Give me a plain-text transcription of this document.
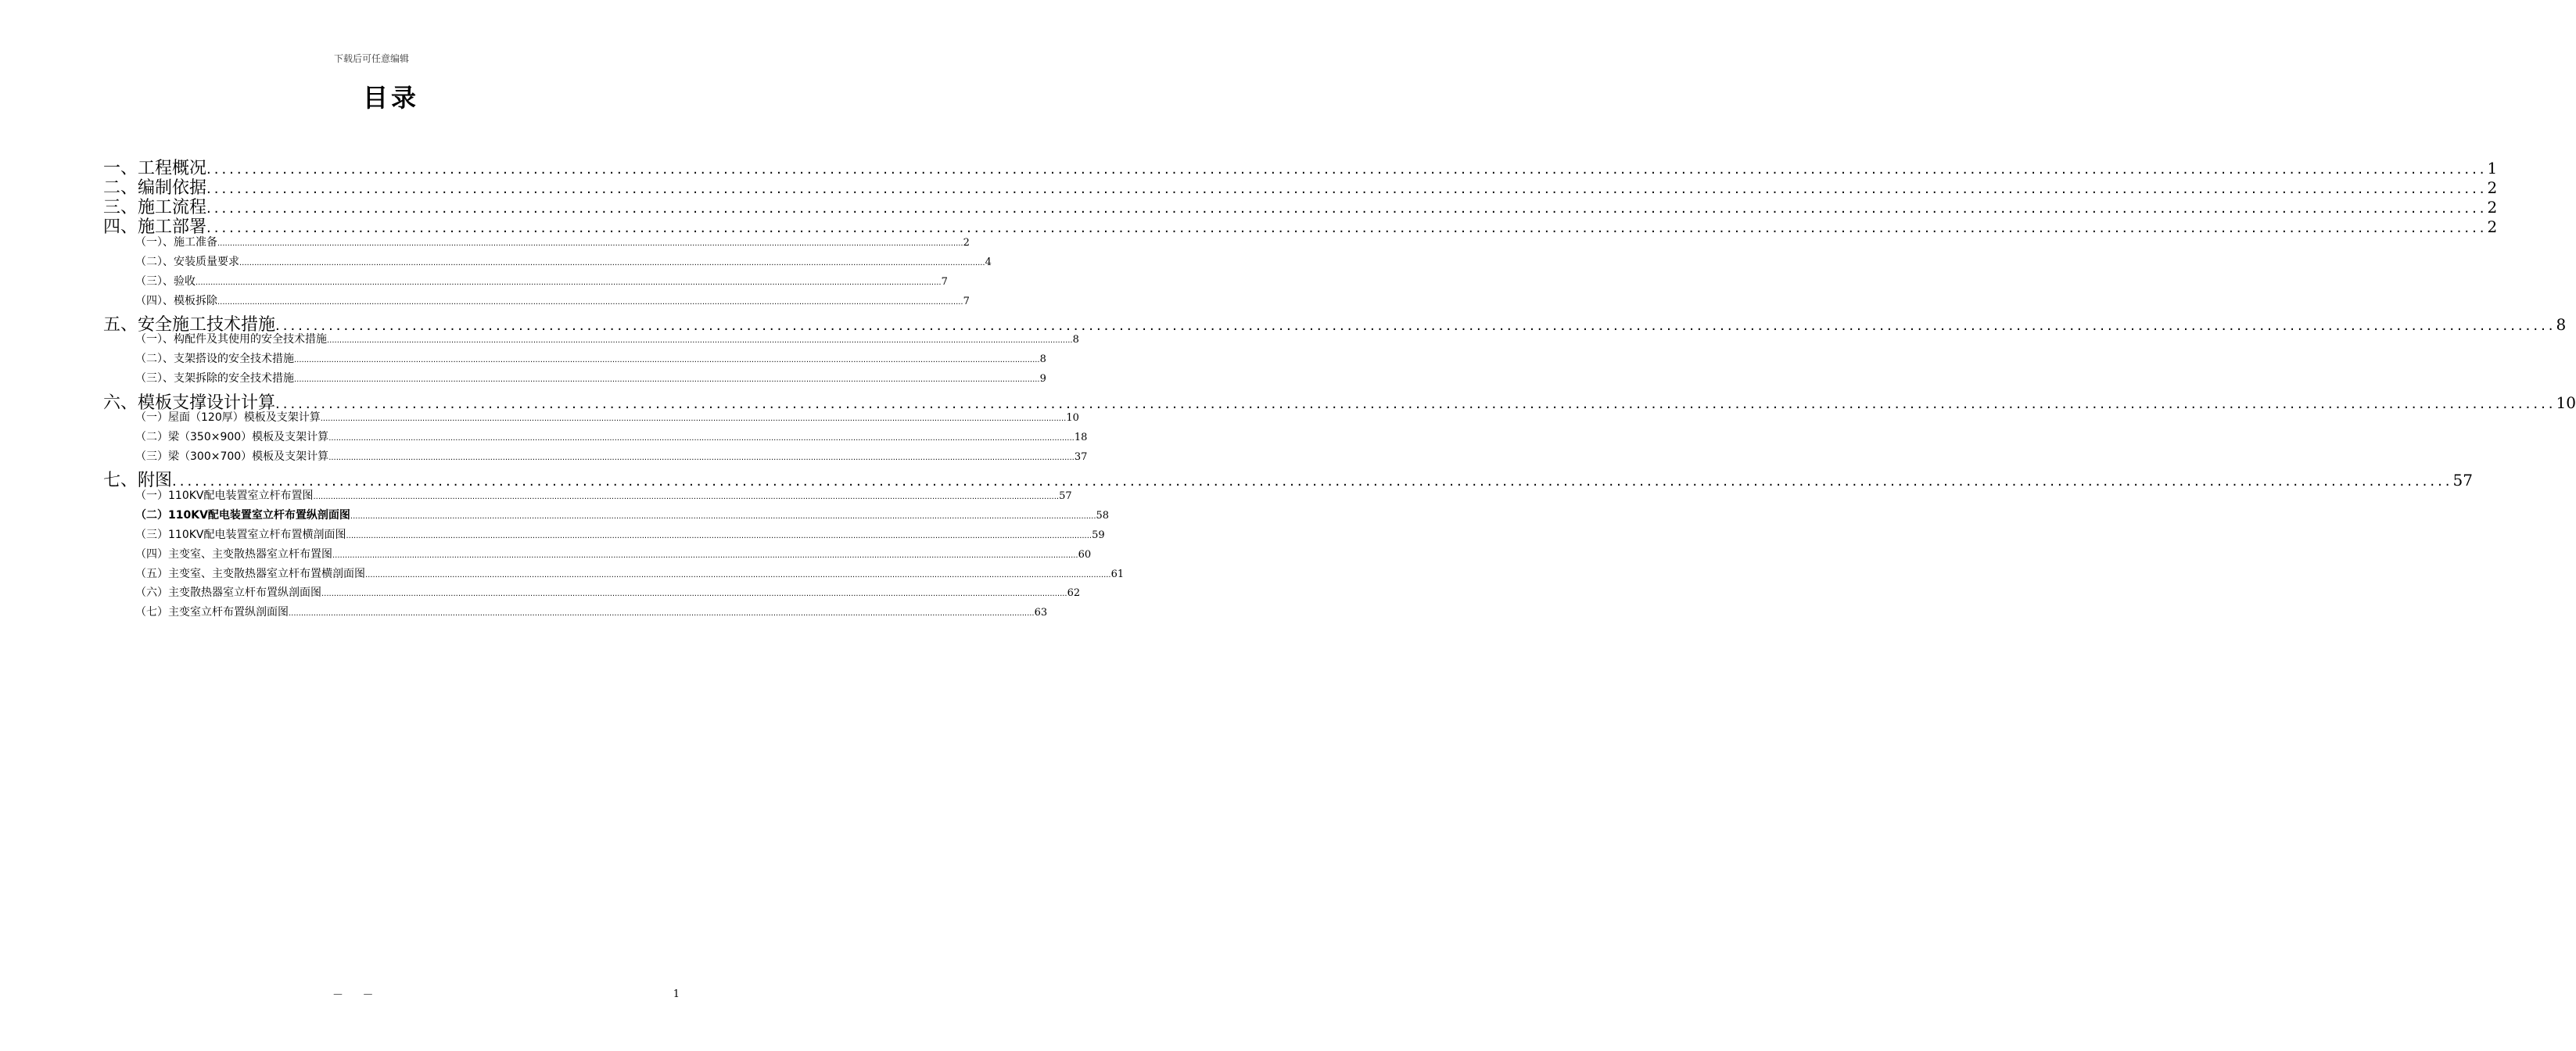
下载后可任意编辑
目录
一、工程概况 ............................................................................................................................................................................................................................................................................................................ 1
二、编制依据 ............................................................................................................................................................................................................................................................................................................ 2
三、施工流程 ............................................................................................................................................................................................................................................................................................................ 2
四、施工部署 ............................................................................................................................................................................................................................................................................................................ 2
（一）、施工准备 ............................................................................................................................................................................................................................................................................................................ 2
（二）、安装质量要求 ............................................................................................................................................................................................................................................................................................................ 4
（三）、验收 ............................................................................................................................................................................................................................................................................................................ 7
（四）、模板拆除 ............................................................................................................................................................................................................................................................................................................ 7
五、安全施工技术措施 ............................................................................................................................................................................................................................................................................................................ 8
（一）、构配件及其使用的安全技术措施 ............................................................................................................................................................................................................................................................................................................ 8
（二）、支架搭设的安全技术措施 ............................................................................................................................................................................................................................................................................................................ 8
（三）、支架拆除的安全技术措施 ............................................................................................................................................................................................................................................................................................................ 9
六、模板支撑设计计算 ............................................................................................................................................................................................................................................................................................................ 10
（一）屋面（120厚）模板及支架计算 ............................................................................................................................................................................................................................................................................................................ 10
（二）梁（350×900）模板及支架计算 ............................................................................................................................................................................................................................................................................................................ 18
（三）梁（300×700）模板及支架计算 ............................................................................................................................................................................................................................................................................................................ 37
七、附图 ............................................................................................................................................................................................................................................................................................................ 57
（一）110KV配电装置室立杆布置图 ............................................................................................................................................................................................................................................................................................................ 57
（二）110KV配电装置室立杆布置纵剖面图 ............................................................................................................................................................................................................................................................................................................ 58
（三）110KV配电装置室立杆布置横剖面图 ............................................................................................................................................................................................................................................................................................................ 59
（四）主变室、主变散热器室立杆布置图 ............................................................................................................................................................................................................................................................................................................ 60
（五）主变室、主变散热器室立杆布置横剖面图 ............................................................................................................................................................................................................................................................................................................ 61
（六）主变散热器室立杆布置纵剖面图 ............................................................................................................................................................................................................................................................................................................ 62
（七）主变室立杆布置纵剖面图 ............................................................................................................................................................................................................................................................................................................ 63
－ －	1
